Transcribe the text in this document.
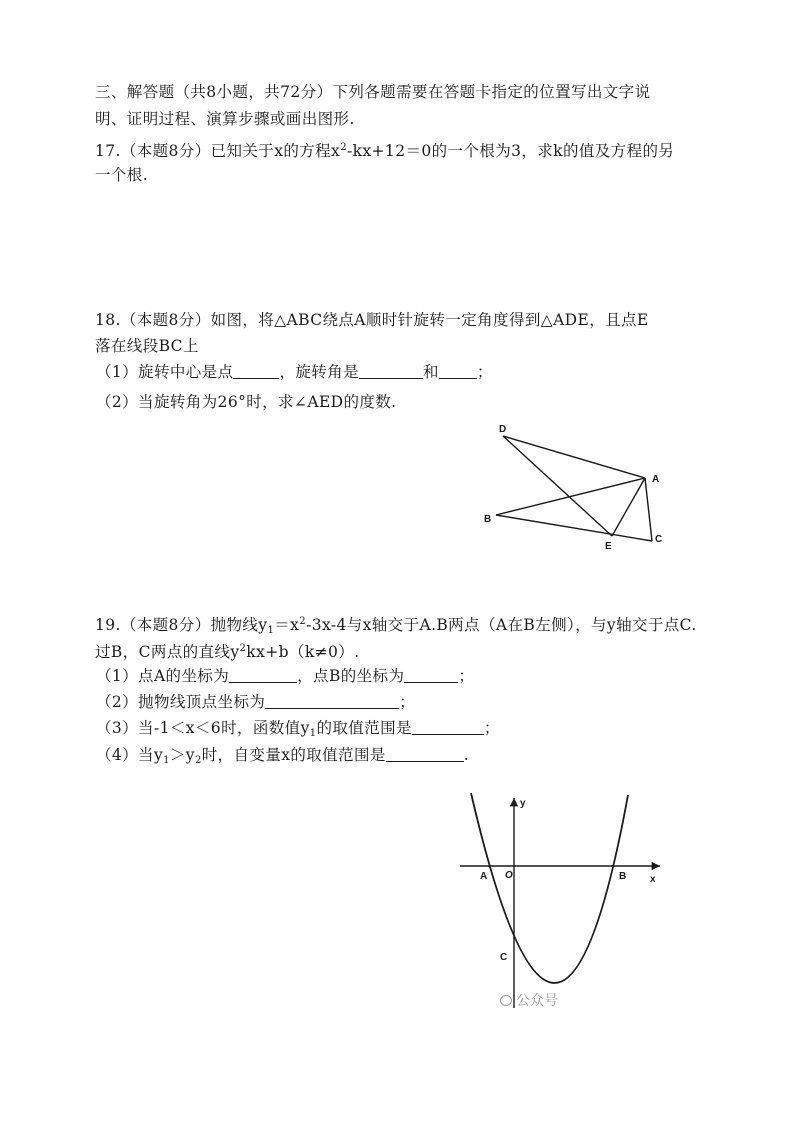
三、解答题（共8小题，共72分）下列各题需要在答题卡指定的位置写出文字说
明、证明过程、演算步骤或画出图形.
17.（本题8分）已知关于x的方程$x^2-kx+12=0$的一个根为3，求k的值及方程的另
一个根.
18.（本题8分）如图，将△ABC绕点A顺时针旋转一定角度得到△ADE，且点E
落在线段BC上
（1）旋转中心是点	，旋转角是	和 ；
（2）当旋转角为26°时，求∠AED的度数.
D
A
B
E
C
19.（本题8分）抛物线$y_1=x^2-3x-4$与x轴交于A.B两点（A在B左侧），与y轴交于点C.
过B，C两点的直线$y^2kx+b(k\ne 0)$.
（1）点A的坐标为	，点B的坐标为	；
（2）抛物线顶点坐标为	；
（3）当-1＜x＜6时，函数值$y_1$的取值范围是	；
（4）当$y_1>y_2$时，自变量x的取值范围是	.
y
x
O
A	B
C
公众号
